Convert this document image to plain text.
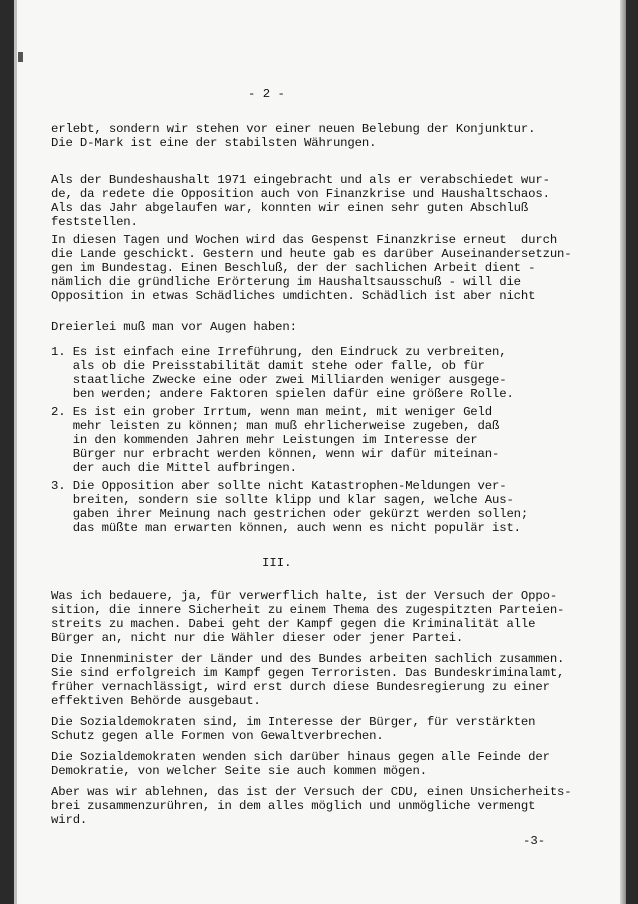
- 2 -

erlebt, sondern wir stehen vor einer neuen Belebung der Konjunktur.

Die D-Mark ist eine der stabilsten Währungen.

Als der Bundeshaushalt 1971 eingebracht und als er verabschiedet wur-

de, da redete die Opposition auch von Finanzkrise und Haushaltschaos.

Als das Jahr abgelaufen war, konnten wir einen sehr guten Abschluß

feststellen.

In diesen Tagen und Wochen wird das Gespenst Finanzkrise erneut  durch

die Lande geschickt. Gestern und heute gab es darüber Auseinandersetzun-

gen im Bundestag. Einen Beschluß, der der sachlichen Arbeit dient -

nämlich die gründliche Erörterung im Haushaltsausschuß - will die

Opposition in etwas Schädliches umdichten. Schädlich ist aber nicht

Dreierlei muß man vor Augen haben:

1. Es ist einfach eine Irreführung, den Eindruck zu verbreiten,

als ob die Preisstabilität damit stehe oder falle, ob für

staatliche Zwecke eine oder zwei Milliarden weniger ausgege-

ben werden; andere Faktoren spielen dafür eine größere Rolle.

2. Es ist ein grober Irrtum, wenn man meint, mit weniger Geld

mehr leisten zu können; man muß ehrlicherweise zugeben, daß

in den kommenden Jahren mehr Leistungen im Interesse der

Bürger nur erbracht werden können, wenn wir dafür miteinan-

der auch die Mittel aufbringen.

3. Die Opposition aber sollte nicht Katastrophen-Meldungen ver-

breiten, sondern sie sollte klipp und klar sagen, welche Aus-

gaben ihrer Meinung nach gestrichen oder gekürzt werden sollen;

das müßte man erwarten können, auch wenn es nicht populär ist.

III.

Was ich bedauere, ja, für verwerflich halte, ist der Versuch der Oppo-

sition, die innere Sicherheit zu einem Thema des zugespitzten Parteien-

streits zu machen. Dabei geht der Kampf gegen die Kriminalität alle

Bürger an, nicht nur die Wähler dieser oder jener Partei.

Die Innenminister der Länder und des Bundes arbeiten sachlich zusammen.

Sie sind erfolgreich im Kampf gegen Terroristen. Das Bundeskriminalamt,

früher vernachlässigt, wird erst durch diese Bundesregierung zu einer

effektiven Behörde ausgebaut.

Die Sozialdemokraten sind, im Interesse der Bürger, für verstärkten

Schutz gegen alle Formen von Gewaltverbrechen.

Die Sozialdemokraten wenden sich darüber hinaus gegen alle Feinde der

Demokratie, von welcher Seite sie auch kommen mögen.

Aber was wir ablehnen, das ist der Versuch der CDU, einen Unsicherheits-

brei zusammenzurühren, in dem alles möglich und unmögliche vermengt

wird.

-3-
